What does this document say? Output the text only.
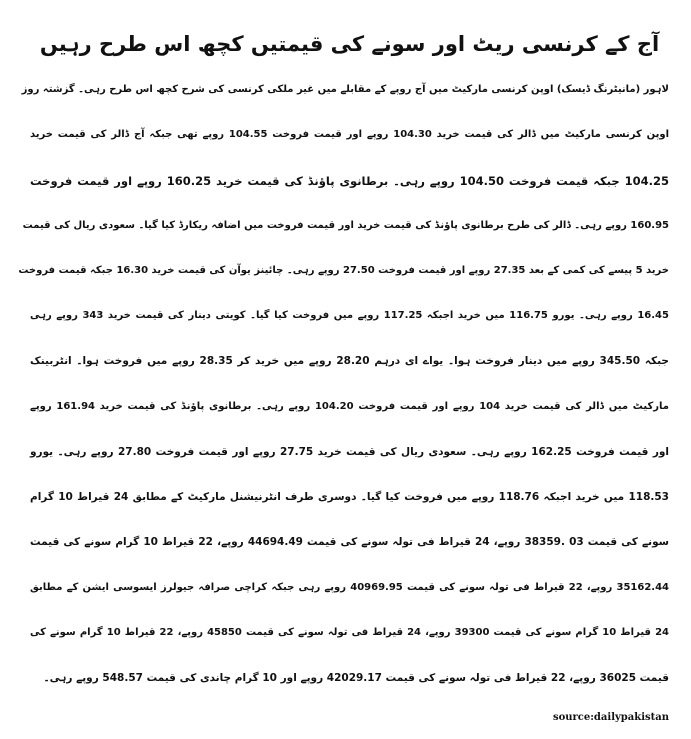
آج کے کرنسی ریٹ اور سونے کی قیمتیں کچھ اس طرح رہیں
لاہور (مانیٹرنگ ڈیسک) اوپن کرنسی مارکیٹ میں آج روپے کے مقابلے میں غیر ملکی کرنسی کی شرح کچھ اس طرح رہی۔ گزشتہ روز
اوپن کرنسی مارکیٹ میں ڈالر کی قیمت خرید 104.30 روپے اور قیمت فروخت 104.55 روپے تھی جبکہ آج ڈالر کی قیمت خرید
104.25 جبکہ قیمت فروخت 104.50 روپے رہی۔ برطانوی پاؤنڈ کی قیمت خرید 160.25 روپے اور قیمت فروخت
160.95 روپے رہی۔ ڈالر کی طرح برطانوی پاؤنڈ کی قیمت خرید اور قیمت فروخت میں اضافہ ریکارڈ کیا گیا۔ سعودی ریال کی قیمت
خرید 5 پیسے کی کمی کے بعد 27.35 روپے اور قیمت فروخت 27.50 روپے رہی۔ چائینز یوآن کی قیمت خرید 16.30 جبکہ قیمت فروخت
16.45 روپے رہی۔ یورو 116.75 میں خرید اجبکہ 117.25 روپے میں فروخت کیا گیا۔ کویتی دینار کی قیمت خرید 343 روپے رہی
جبکہ 345.50 روپے میں دینار فروخت ہوا۔ یواے ای درہم 28.20 روپے میں خرید کر 28.35 روپے میں فروخت ہوا۔ انٹربینک
مارکیٹ میں ڈالر کی قیمت خرید 104 روپے اور قیمت فروخت 104.20 روپے رہی۔ برطانوی پاؤنڈ کی قیمت خرید 161.94 روپے
اور قیمت فروخت 162.25 روپے رہی۔ سعودی ریال کی قیمت خرید 27.75 روپے اور قیمت فروخت 27.80 روپے رہی۔ یورو
118.53 میں خرید اجبکہ 118.76 روپے میں فروخت کیا گیا۔ دوسری طرف انٹرنیشنل مارکیٹ کے مطابق 24 قیراط 10 گرام
سونے کی قیمت 03 .38359 روپے، 24 قیراط فی تولہ سونے کی قیمت 44694.49 روپے، 22 قیراط 10 گرام سونے کی قیمت
35162.44 روپے، 22 قیراط فی تولہ سونے کی قیمت 40969.95 روپے رہی جبکہ کراچی صرافہ جیولرز ایسوسی ایشن کے مطابق
24 قیراط 10 گرام سونے کی قیمت 39300 روپے، 24 قیراط فی تولہ سونے کی قیمت 45850 روپے، 22 قیراط 10 گرام سونے کی
قیمت 36025 روپے، 22 قیراط فی تولہ سونے کی قیمت 42029.17 روپے اور 10 گرام چاندی کی قیمت 548.57 روپے رہی۔
source:dailypakistan
